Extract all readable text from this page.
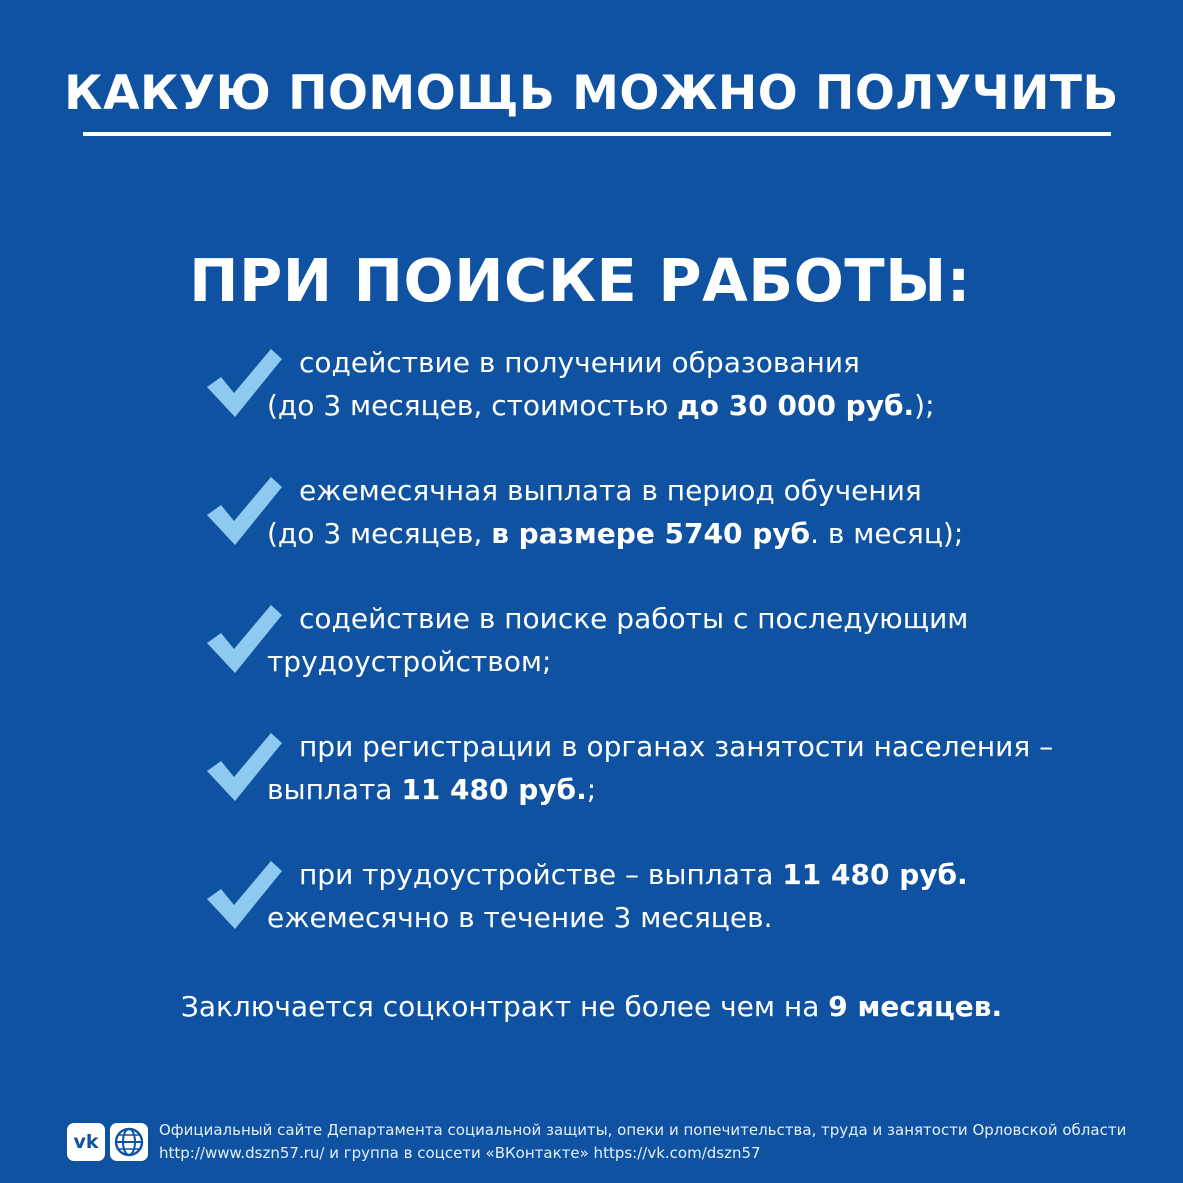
КАКУЮ ПОМОЩЬ МОЖНО ПОЛУЧИТЬ
ПРИ ПОИСКЕ РАБОТЫ:
содействие в получении образования
(до 3 месяцев, стоимостью до 30 000 руб.);
ежемесячная выплата в период обучения
(до 3 месяцев, в размере 5740 руб. в месяц);
содействие в поиске работы с последующим
трудоустройством;
при регистрации в органах занятости населения –
выплата 11 480 руб.;
при трудоустройстве – выплата 11 480 руб.
ежемесячно в течение 3 месяцев.
Заключается соцконтракт не более чем на 9 месяцев.
vk
Официальный сайте Департамента социальной защиты, опеки и попечительства, труда и занятости Орловской области
http://www.dszn57.ru/ и группа в соцсети «ВКонтакте» https://vk.com/dszn57
